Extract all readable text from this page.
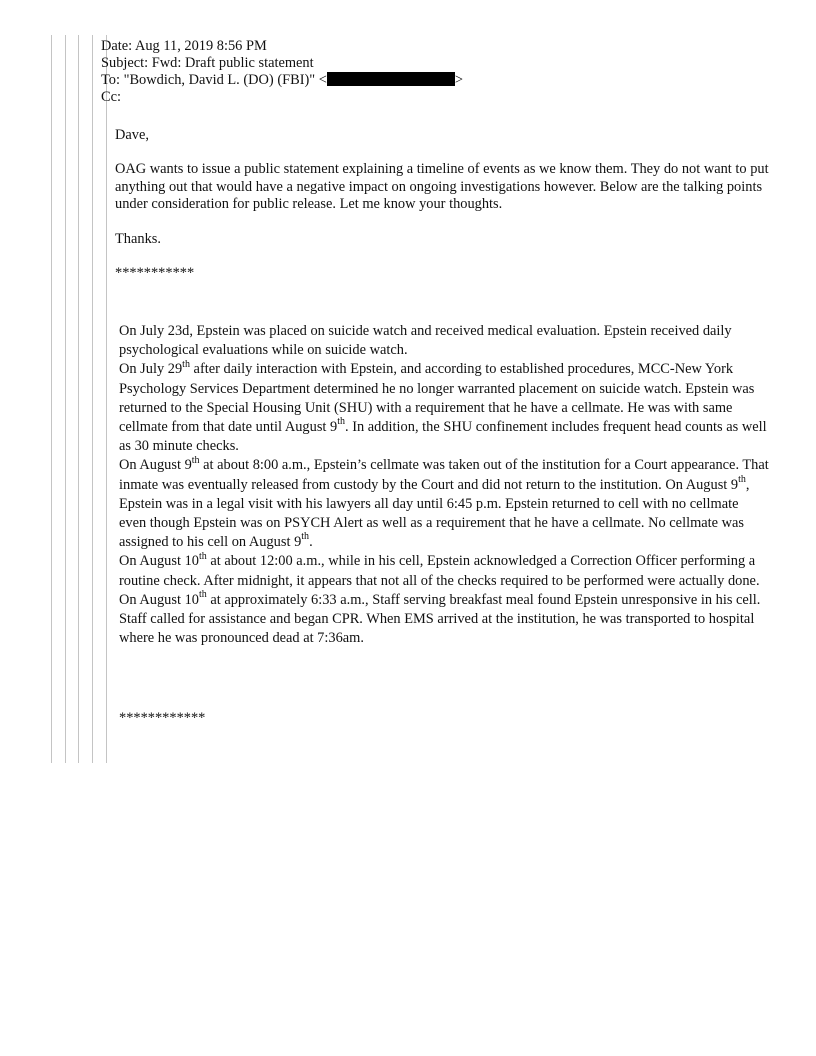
Date: Aug 11, 2019 8:56 PM
Subject: Fwd: Draft public statement
To: "Bowdich, David L. (DO) (FBI)" <	>
Cc:

Dave,

OAG wants to issue a public statement explaining a timeline of events as we know them. They do not want to put anything out that would have a negative impact on ongoing investigations however. Below are the talking points under consideration for public release. Let me know your thoughts.

Thanks.

***********

On July 23d, Epstein was placed on suicide watch and received medical evaluation. Epstein received daily psychological evaluations while on suicide watch.

On July 29th after daily interaction with Epstein, and according to established procedures, MCC-New York Psychology Services Department determined he no longer warranted placement on suicide watch. Epstein was returned to the Special Housing Unit (SHU) with a requirement that he have a cellmate. He was with same cellmate from that date until August 9th. In addition, the SHU confinement includes frequent head counts as well as 30 minute checks.

On August 9th at about 8:00 a.m., Epstein’s cellmate was taken out of the institution for a Court appearance. That inmate was eventually released from custody by the Court and did not return to the institution. On August 9th, Epstein was in a legal visit with his lawyers all day until 6:45 p.m. Epstein returned to cell with no cellmate even though Epstein was on PSYCH Alert as well as a requirement that he have a cellmate. No cellmate was assigned to his cell on August 9th.

On August 10th at about 12:00 a.m., while in his cell, Epstein acknowledged a Correction Officer performing a routine check. After midnight, it appears that not all of the checks required to be performed were actually done.

On August 10th at approximately 6:33 a.m., Staff serving breakfast meal found Epstein unresponsive in his cell. Staff called for assistance and began CPR. When EMS arrived at the institution, he was transported to hospital where he was pronounced dead at 7:36am.

************
